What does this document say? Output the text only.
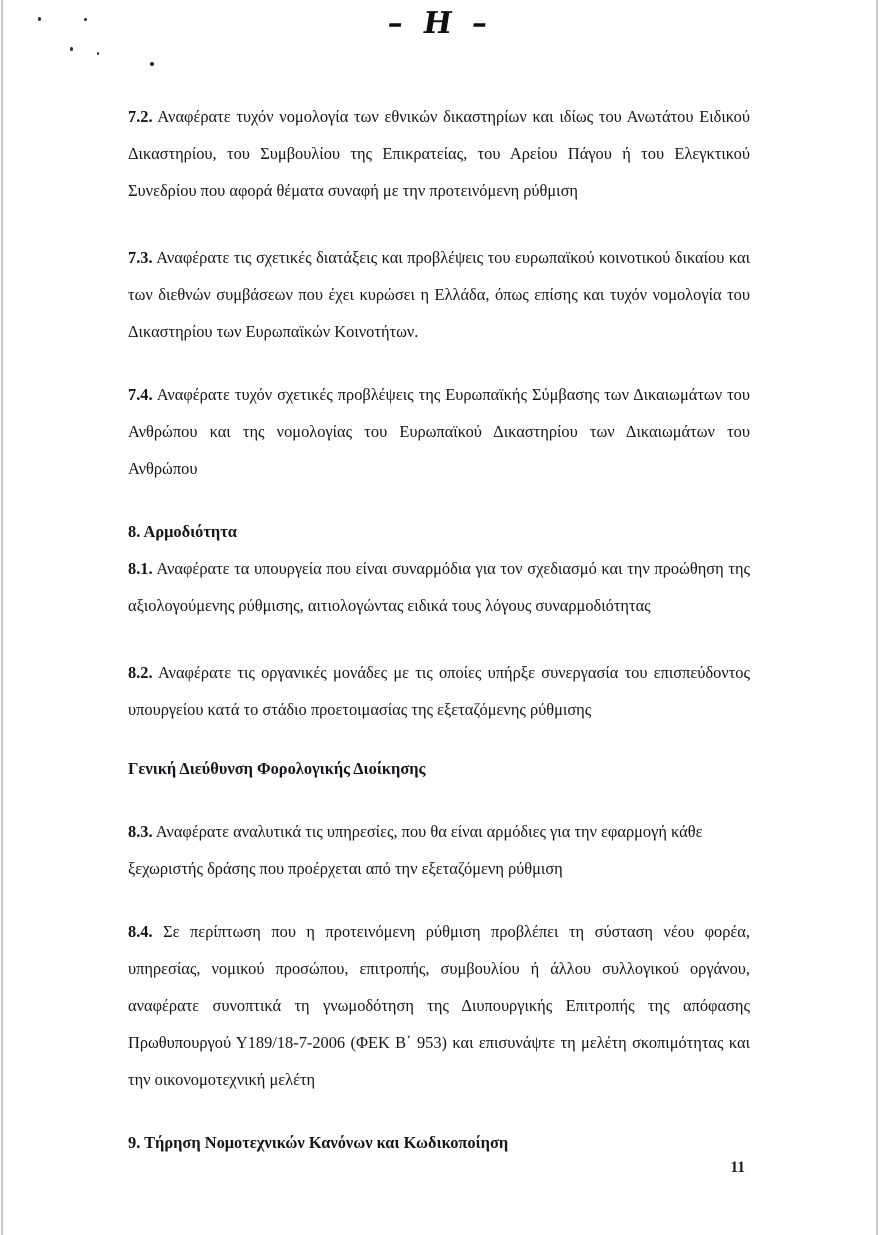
– Η –

7.2. Αναφέρατε τυχόν νομολογία των εθνικών δικαστηρίων και ιδίως του Ανωτάτου Ειδικού Δικαστηρίου, του Συμβουλίου της Επικρατείας, του Αρείου Πάγου ή του Ελεγκτικού Συνεδρίου που αφορά θέματα συναφή με την προτεινόμενη ρύθμιση

7.3. Αναφέρατε τις σχετικές διατάξεις και προβλέψεις του ευρωπαϊκού κοινοτικού δικαίου και των διεθνών συμβάσεων που έχει κυρώσει η Ελλάδα, όπως επίσης και τυχόν νομολογία του Δικαστηρίου των Ευρωπαϊκών Κοινοτήτων.

7.4. Αναφέρατε τυχόν σχετικές προβλέψεις της Ευρωπαϊκής Σύμβασης των Δικαιωμάτων του Ανθρώπου και της νομολογίας του Ευρωπαϊκού Δικαστηρίου των Δικαιωμάτων του Ανθρώπου

8. Αρμοδιότητα

8.1. Αναφέρατε τα υπουργεία που είναι συναρμόδια για τον σχεδιασμό και την προώθηση της αξιολογούμενης ρύθμισης, αιτιολογώντας ειδικά τους λόγους συναρμοδιότητας

8.2. Αναφέρατε τις οργανικές μονάδες με τις οποίες υπήρξε συνεργασία του επισπεύδοντος υπουργείου κατά το στάδιο προετοιμασίας της εξεταζόμενης ρύθμισης

Γενική Διεύθυνση Φορολογικής Διοίκησης

8.3. Αναφέρατε αναλυτικά τις υπηρεσίες, που θα είναι αρμόδιες για την εφαρμογή κάθε ξεχωριστής δράσης που προέρχεται από την εξεταζόμενη ρύθμιση

8.4. Σε περίπτωση που η προτεινόμενη ρύθμιση προβλέπει τη σύσταση νέου φορέα, υπηρεσίας, νομικού προσώπου, επιτροπής, συμβουλίου ή άλλου συλλογικού οργάνου, αναφέρατε συνοπτικά τη γνωμοδότηση της Διυπουργικής Επιτροπής της απόφασης Πρωθυπουργού Υ189/18-7-2006 (ΦΕΚ Β΄ 953) και επισυνάψτε τη μελέτη σκοπιμότητας και την οικονομοτεχνική μελέτη

9. Τήρηση Νομοτεχνικών Κανόνων και Κωδικοποίηση

11
